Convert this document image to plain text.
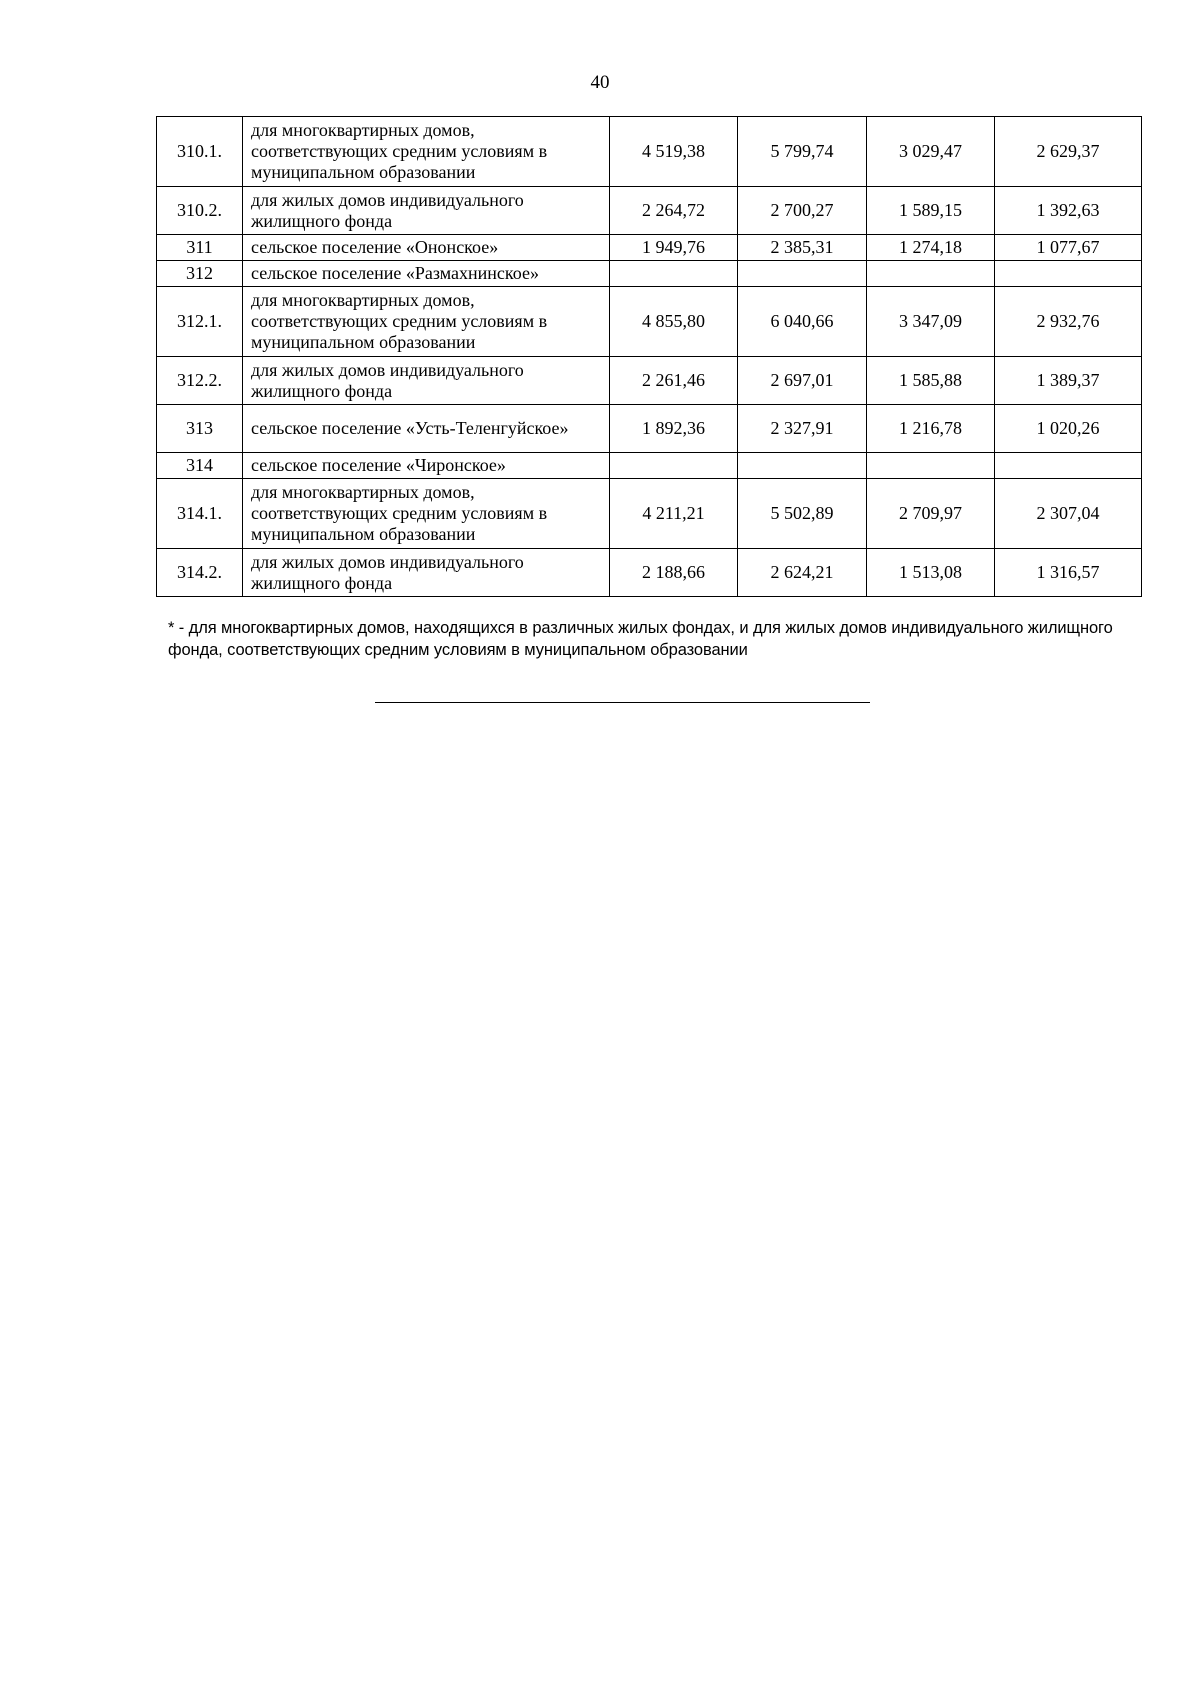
40
310.1.	для многоквартирных домов, соответствующих средним условиям в муниципальном образовании	4 519,38	5 799,74	3 029,47	2 629,37
310.2.	для жилых домов индивидуального жилищного фонда	2 264,72	2 700,27	1 589,15	1 392,63
311	сельское поселение «Ононское»	1 949,76	2 385,31	1 274,18	1 077,67
312	сельское поселение «Размахнинское»				
312.1.	для многоквартирных домов, соответствующих средним условиям в муниципальном образовании	4 855,80	6 040,66	3 347,09	2 932,76
312.2.	для жилых домов индивидуального жилищного фонда	2 261,46	2 697,01	1 585,88	1 389,37
313	сельское поселение «Усть-Теленгуйское»	1 892,36	2 327,91	1 216,78	1 020,26
314	сельское поселение «Чиронское»				
314.1.	для многоквартирных домов, соответствующих средним условиям в муниципальном образовании	4 211,21	5 502,89	2 709,97	2 307,04
314.2.	для жилых домов индивидуального жилищного фонда	2 188,66	2 624,21	1 513,08	1 316,57
* - для многоквартирных домов, находящихся в различных жилых фондах, и для жилых домов индивидуального жилищного фонда, соответствующих средним условиям в муниципальном образовании
